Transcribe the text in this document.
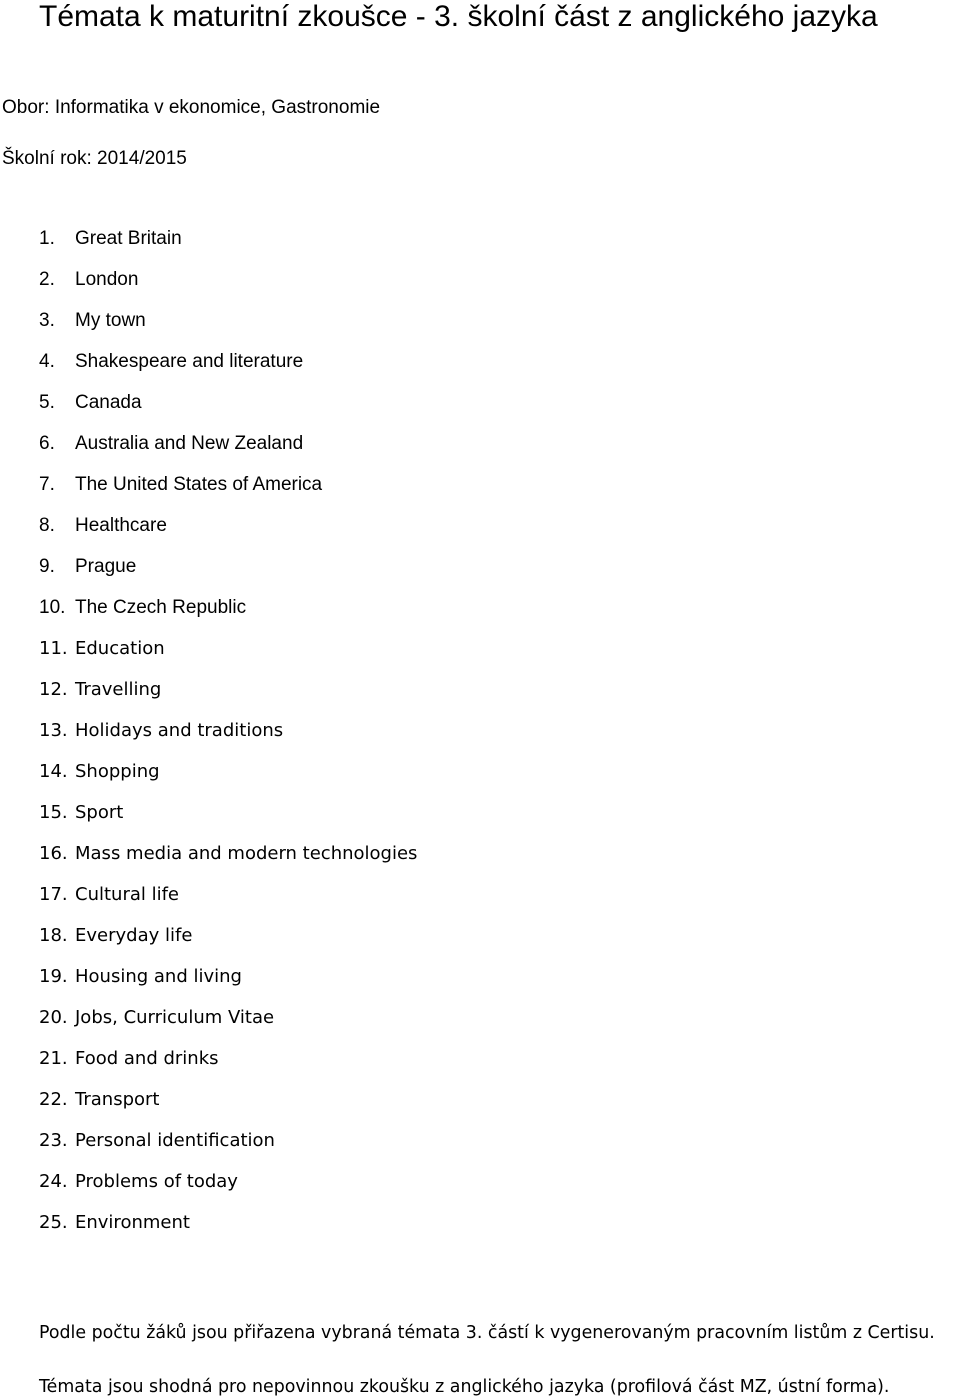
Témata k maturitní zkoušce - 3. školní část z anglického jazyka
Obor: Informatika v ekonomice, Gastronomie
Školní rok: 2014/2015
1. Great Britain
2. London
3. My town
4. Shakespeare and literature
5. Canada
6. Australia and New Zealand
7. The United States of America
8. Healthcare
9. Prague
10. The Czech Republic
11. Education
12. Travelling
13. Holidays and traditions
14. Shopping
15. Sport
16. Mass media and modern technologies
17. Cultural life
18. Everyday life
19. Housing and living
20. Jobs, Curriculum Vitae
21. Food and drinks
22. Transport
23. Personal identification
24. Problems of today
25. Environment

Podle počtu žáků jsou přiřazena vybraná témata 3. částí k vygenerovaným pracovním listům z Certisu.

Témata jsou shodná pro nepovinnou zkoušku z anglického jazyka (profilová část MZ, ústní forma).
